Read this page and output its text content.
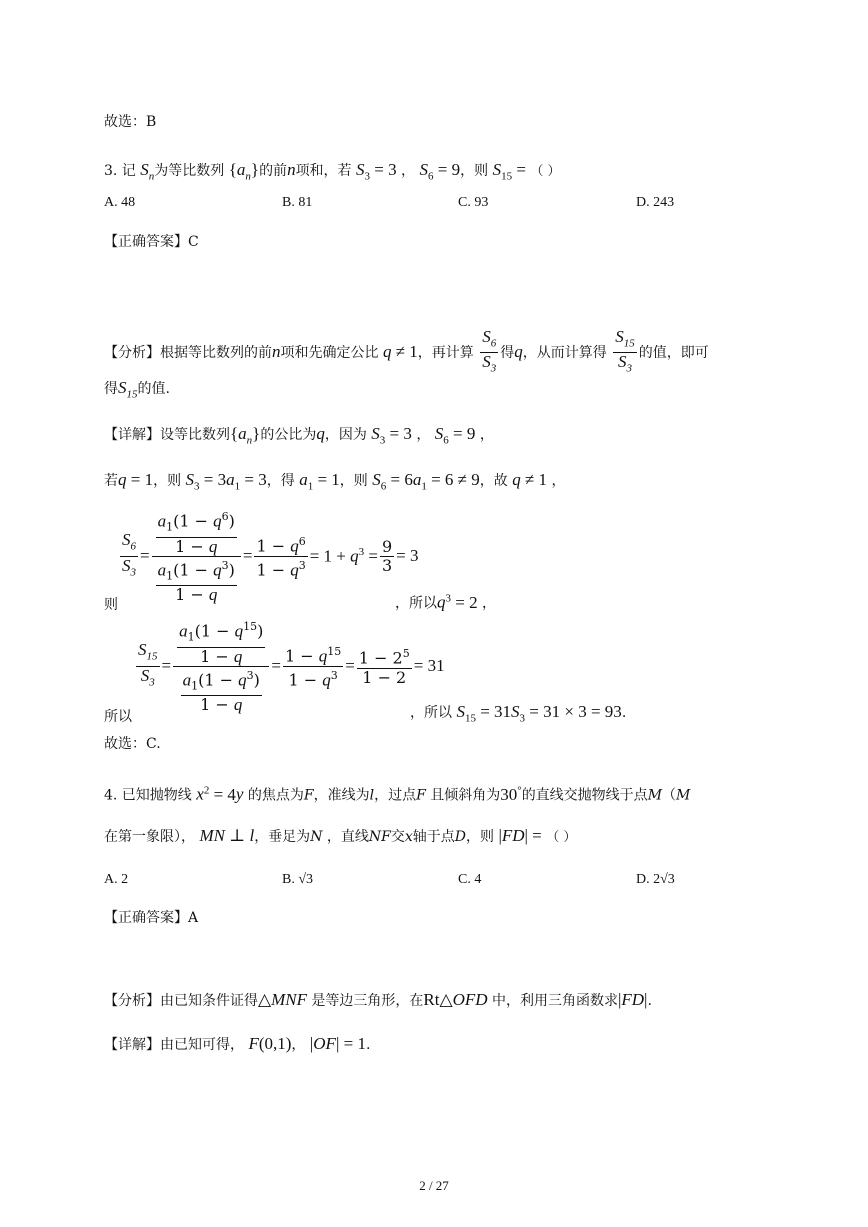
故选：B
3. 记 $S_n$为等比数列 $\{a_n\}$的前n项和，若 $S_3 = 3$ ， $S_6 = 9$，则 $S_{15}$ = （ ）
A. 48	B. 81	C. 93	D. 243
【正确答案】C
【分析】根据等比数列的前n项和先确定公比 q ≠ 1，再计算 $\frac{S_6}{S_3}$ 得q，从而计算得 $\frac{S_{15}}{S_3}$ 的值，即可
得$S_{15}$的值.
【详解】设等比数列$\{a_n\}$的公比为q，因为 $S_3 = 3$ ， $S_6 = 9$ ，
若q = 1，则 $S_3 = 3a_1 = 3$，得 $a_1 = 1$，则 $S_6 = 6a_1 = 6 \ne 9$，故 q ≠ 1 ，
$\frac{S_6}{S_3} = \frac{\frac{a_1(1 - q^6)}{1 - q}}{\frac{a_1(1 - q^3)}{1 - q}} = \frac{1 - q^6}{1 - q^3} = 1 + q^3 = \frac{9}{3} = 3$
则	，所以$q^3 = 2$ ，
$\frac{S_{15}}{S_3} = \frac{\frac{a_1(1 - q^{15})}{1 - q}}{\frac{a_1(1 - q^3)}{1 - q}} = \frac{1 - q^{15}}{1 - q^3} = \frac{1 - 2^5}{1 - 2} = 31$
所以	，所以 $S_{15} = 31S_3 = 31 \times 3 = 93$.
故选：C.
4. 已知抛物线 $x^2 = 4y$ 的焦点为F，准线为l，过点F 且倾斜角为30°的直线交抛物线于点M（M
在第一象限）， MN ⊥ l，垂足为N ，直线NF交x轴于点D，则 |FD| = （ ）
A. 2	B. √3	C. 4	D. 2√3
【正确答案】A
【分析】由已知条件证得△MNF 是等边三角形，在Rt△OFD 中，利用三角函数求|FD|.
【详解】由已知可得， F(0,1)， |OF| = 1.
2 / 27
